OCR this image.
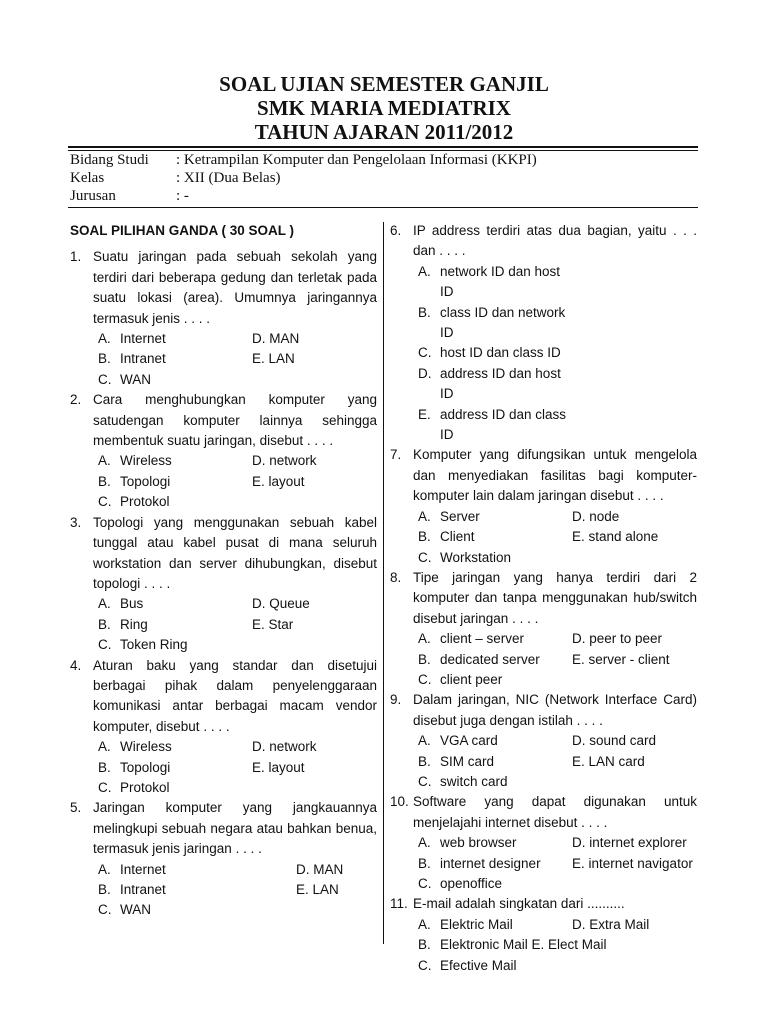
SOAL UJIAN SEMESTER GANJIL
SMK MARIA MEDIATRIX
TAHUN AJARAN 2011/2012
Bidang Studi : Ketrampilan Komputer dan Pengelolaan Informasi (KKPI)
Kelas	: XII (Dua Belas)
Jurusan	: -
SOAL PILIHAN GANDA ( 30 SOAL )
1. Suatu jaringan pada sebuah sekolah yang terdiri dari beberapa gedung dan terletak pada suatu lokasi (area). Umumnya jaringannya termasuk jenis . . . .
A. Internet	D. MAN
B. Intranet	E. LAN
C. WAN
2. Cara menghubungkan komputer yang satudengan komputer lainnya sehingga membentuk suatu jaringan, disebut . . . .
A. Wireless	D. network
B. Topologi	E. layout
C. Protokol
3. Topologi yang menggunakan sebuah kabel tunggal atau kabel pusat di mana seluruh workstation dan server dihubungkan, disebut topologi . . . .
A. Bus	D. Queue
B. Ring	E. Star
C. Token Ring
4. Aturan baku yang standar dan disetujui berbagai pihak dalam penyelenggaraan komunikasi antar berbagai macam vendor komputer, disebut . . . .
A. Wireless	D. network
B. Topologi	E. layout
C. Protokol
5. Jaringan komputer yang jangkauannya melingkupi sebuah negara atau bahkan benua, termasuk jenis jaringan . . . .
A. Internet	D. MAN
B. Intranet	E. LAN
C. WAN
6. IP address terdiri atas dua bagian, yaitu . . . dan . . . .
A. network ID dan host ID
B. class ID dan network ID
C. host ID dan class ID
D. address ID dan host ID
E. address ID dan class ID
7. Komputer yang difungsikan untuk mengelola dan menyediakan fasilitas bagi komputer-komputer lain dalam jaringan disebut . . . .
A. Server	D. node
B. Client	E. stand alone
C. Workstation
8. Tipe jaringan yang hanya terdiri dari 2 komputer dan tanpa menggunakan hub/switch disebut jaringan . . . .
A. client – server	D. peer to peer
B. dedicated server E. server - client
C. client peer
9. Dalam jaringan, NIC (Network Interface Card) disebut juga dengan istilah . . . .
A. VGA card	D. sound card
B. SIM card	E. LAN card
C. switch card
10. Software yang dapat digunakan untuk menjelajahi internet disebut . . . .
A. web browser	D. internet explorer
B. internet designer E. internet navigator
C. openoffice
11. E-mail adalah singkatan dari ..........
A. Elektric Mail	D. Extra Mail
B. Elektronic Mail E. Elect Mail
C. Efective Mail
